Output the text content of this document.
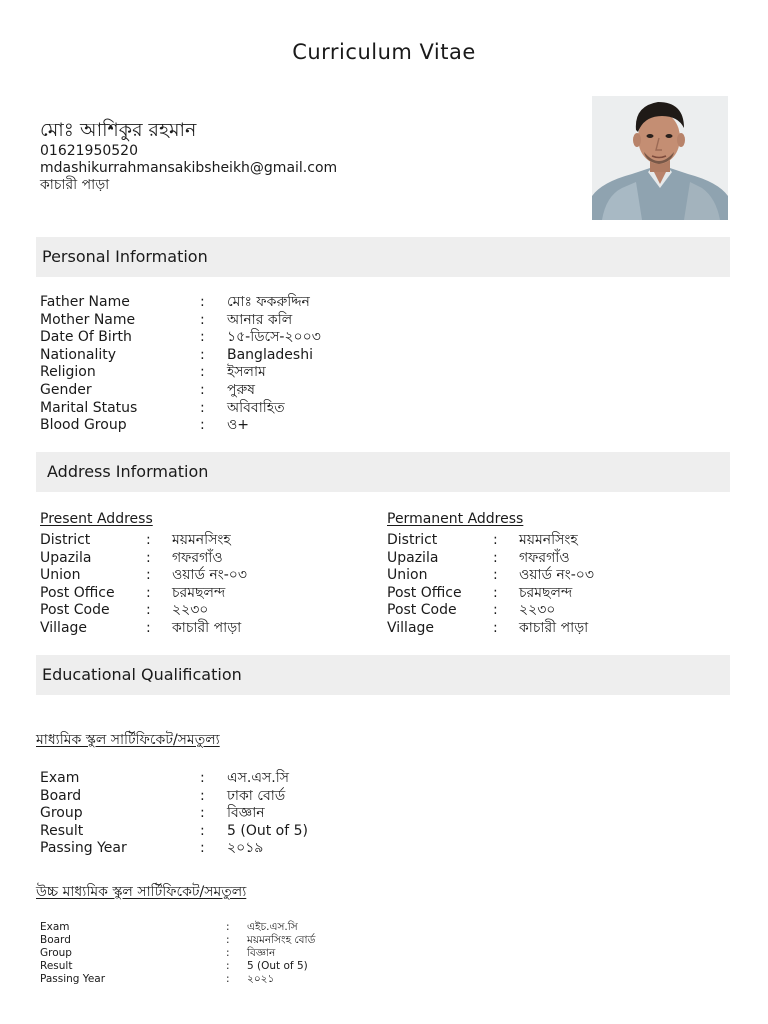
Curriculum Vitae
মোঃ আশিকুর রহমান
01621950520
mdashikurrahmansakibsheikh@gmail.com
কাচারী পাড়া
Personal Information
Father Name	:	মোঃ ফকরুদ্দিন
Mother Name	:	আনার কলি
Date Of Birth	:	১৫-ডিসে-২০০৩
Nationality	:	Bangladeshi
Religion	:	ইসলাম
Gender	:	পুরুষ
Marital Status	:	অবিবাহিত
Blood Group	:	ও+
Address Information
Present Address
District	:	ময়মনসিংহ
Upazila	:	গফরগাঁও
Union	:	ওয়ার্ড নং-০৩
Post Office	:	চরমছলন্দ
Post Code	:	২২৩০
Village	:	কাচারী পাড়া
Permanent Address
District	:	ময়মনসিংহ
Upazila	:	গফরগাঁও
Union	:	ওয়ার্ড নং-০৩
Post Office	:	চরমছলন্দ
Post Code	:	২২৩০
Village	:	কাচারী পাড়া
Educational Qualification
মাধ্যমিক স্কুল সার্টিফিকেট/সমতুল্য
Exam	:	এস.এস.সি
Board	:	ঢাকা বোর্ড
Group	:	বিজ্ঞান
Result	:	5 (Out of 5)
Passing Year	:	২০১৯
উচ্চ মাধ্যমিক স্কুল সার্টিফিকেট/সমতুল্য
Exam	:	এইচ.এস.সি
Board	:	ময়মনসিংহ বোর্ড
Group	:	বিজ্ঞান
Result	:	5 (Out of 5)
Passing Year	:	২০২১
